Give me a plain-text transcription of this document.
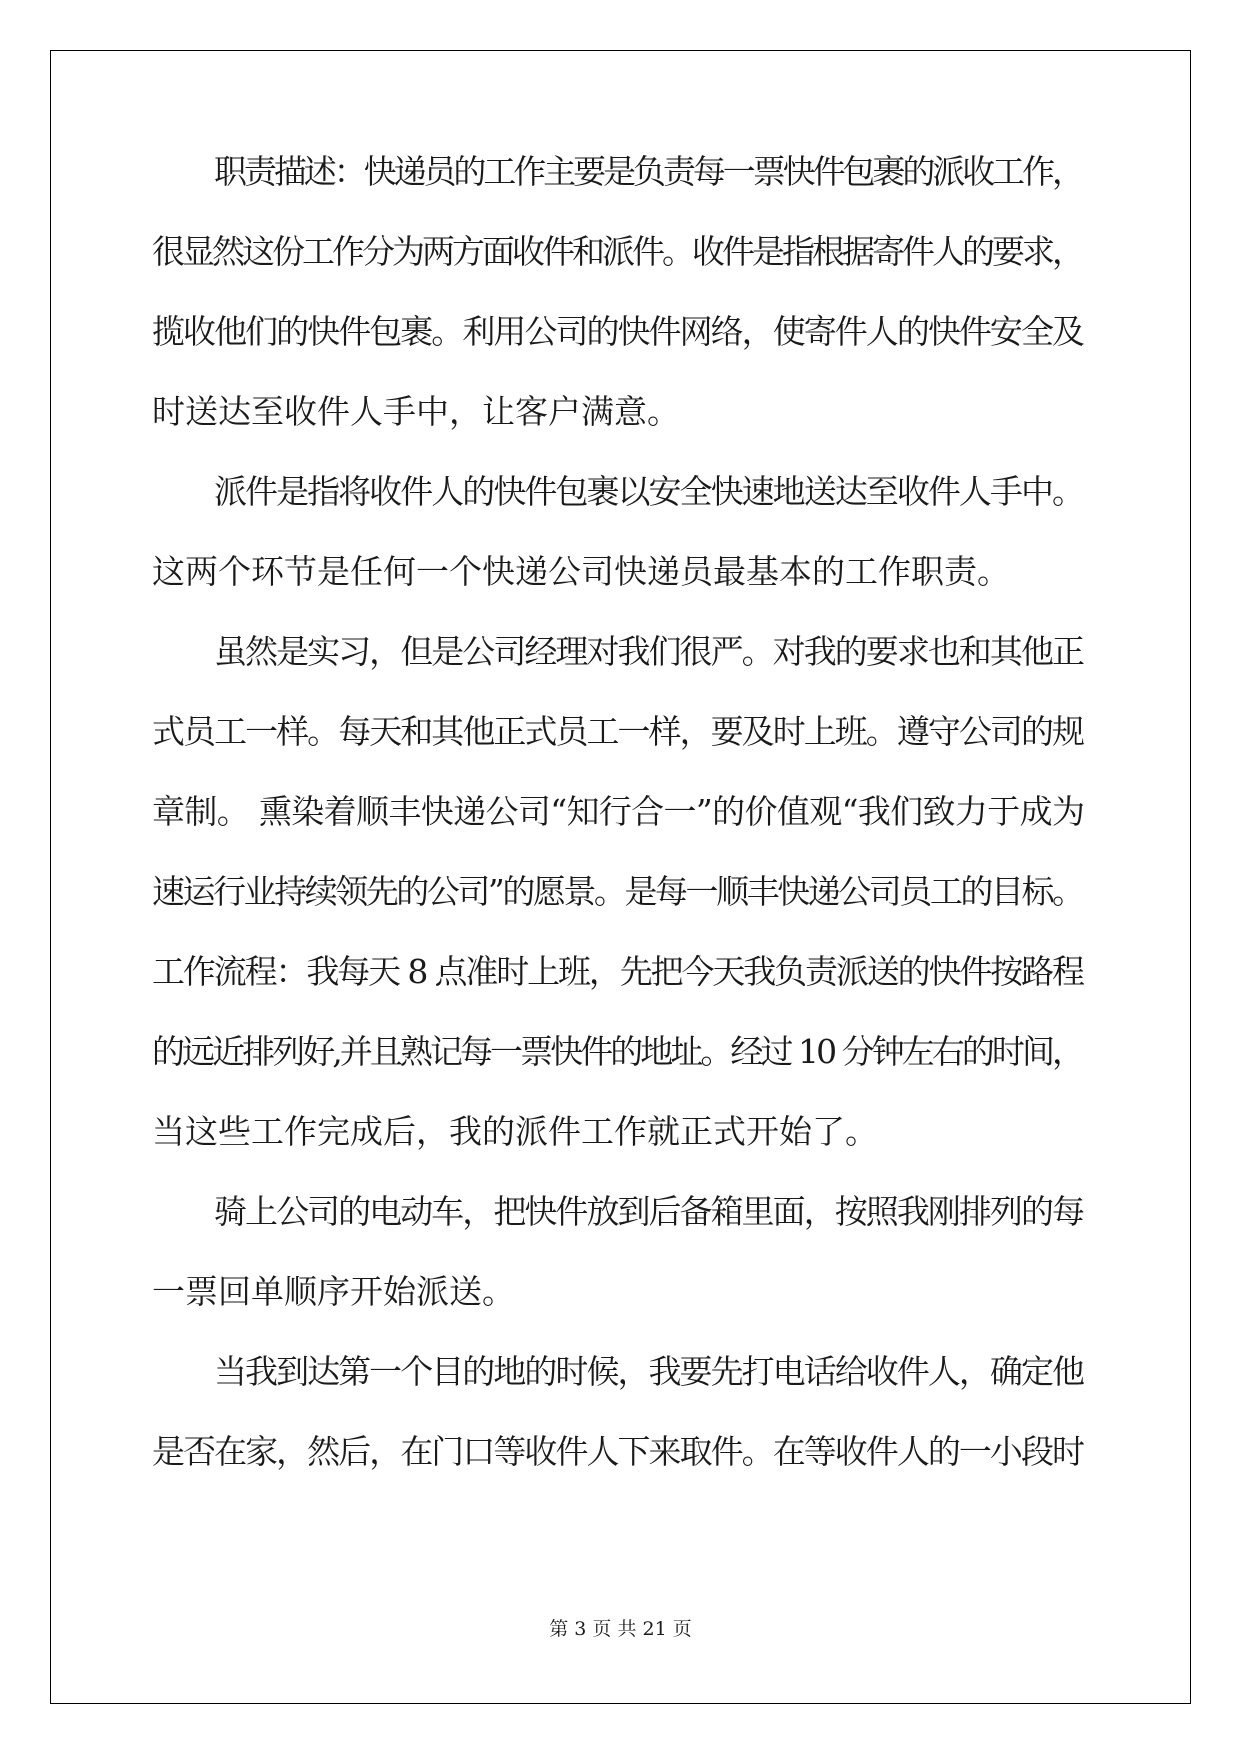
职责描述：快递员的工作主要是负责每一票快件包裹的派收工作，
很显然这份工作分为两方面收件和派件。收件是指根据寄件人的要求，
揽收他们的快件包裹。利用公司的快件网络，使寄件人的快件安全及
时送达至收件人手中，让客户满意。
派件是指将收件人的快件包裹以安全快速地送达至收件人手中。
这两个环节是任何一个快递公司快递员最基本的工作职责。
虽然是实习，但是公司经理对我们很严。对我的要求也和其他正
式员工一样。每天和其他正式员工一样，要及时上班。遵守公司的规
章制。 熏染着顺丰快递公司“知行合一”的价值观“我们致力于成为
速运行业持续领先的公司”的愿景。是每一顺丰快递公司员工的目标。
工作流程：我每天 8 点准时上班，先把今天我负责派送的快件按路程
的远近排列好,并且熟记每一票快件的地址。经过 10 分钟左右的时间，
当这些工作完成后，我的派件工作就正式开始了。
骑上公司的电动车，把快件放到后备箱里面，按照我刚排列的每
一票回单顺序开始派送。
当我到达第一个目的地的时候，我要先打电话给收件人，确定他
是否在家，然后，在门口等收件人下来取件。在等收件人的一小段时
第 3 页 共 21 页
